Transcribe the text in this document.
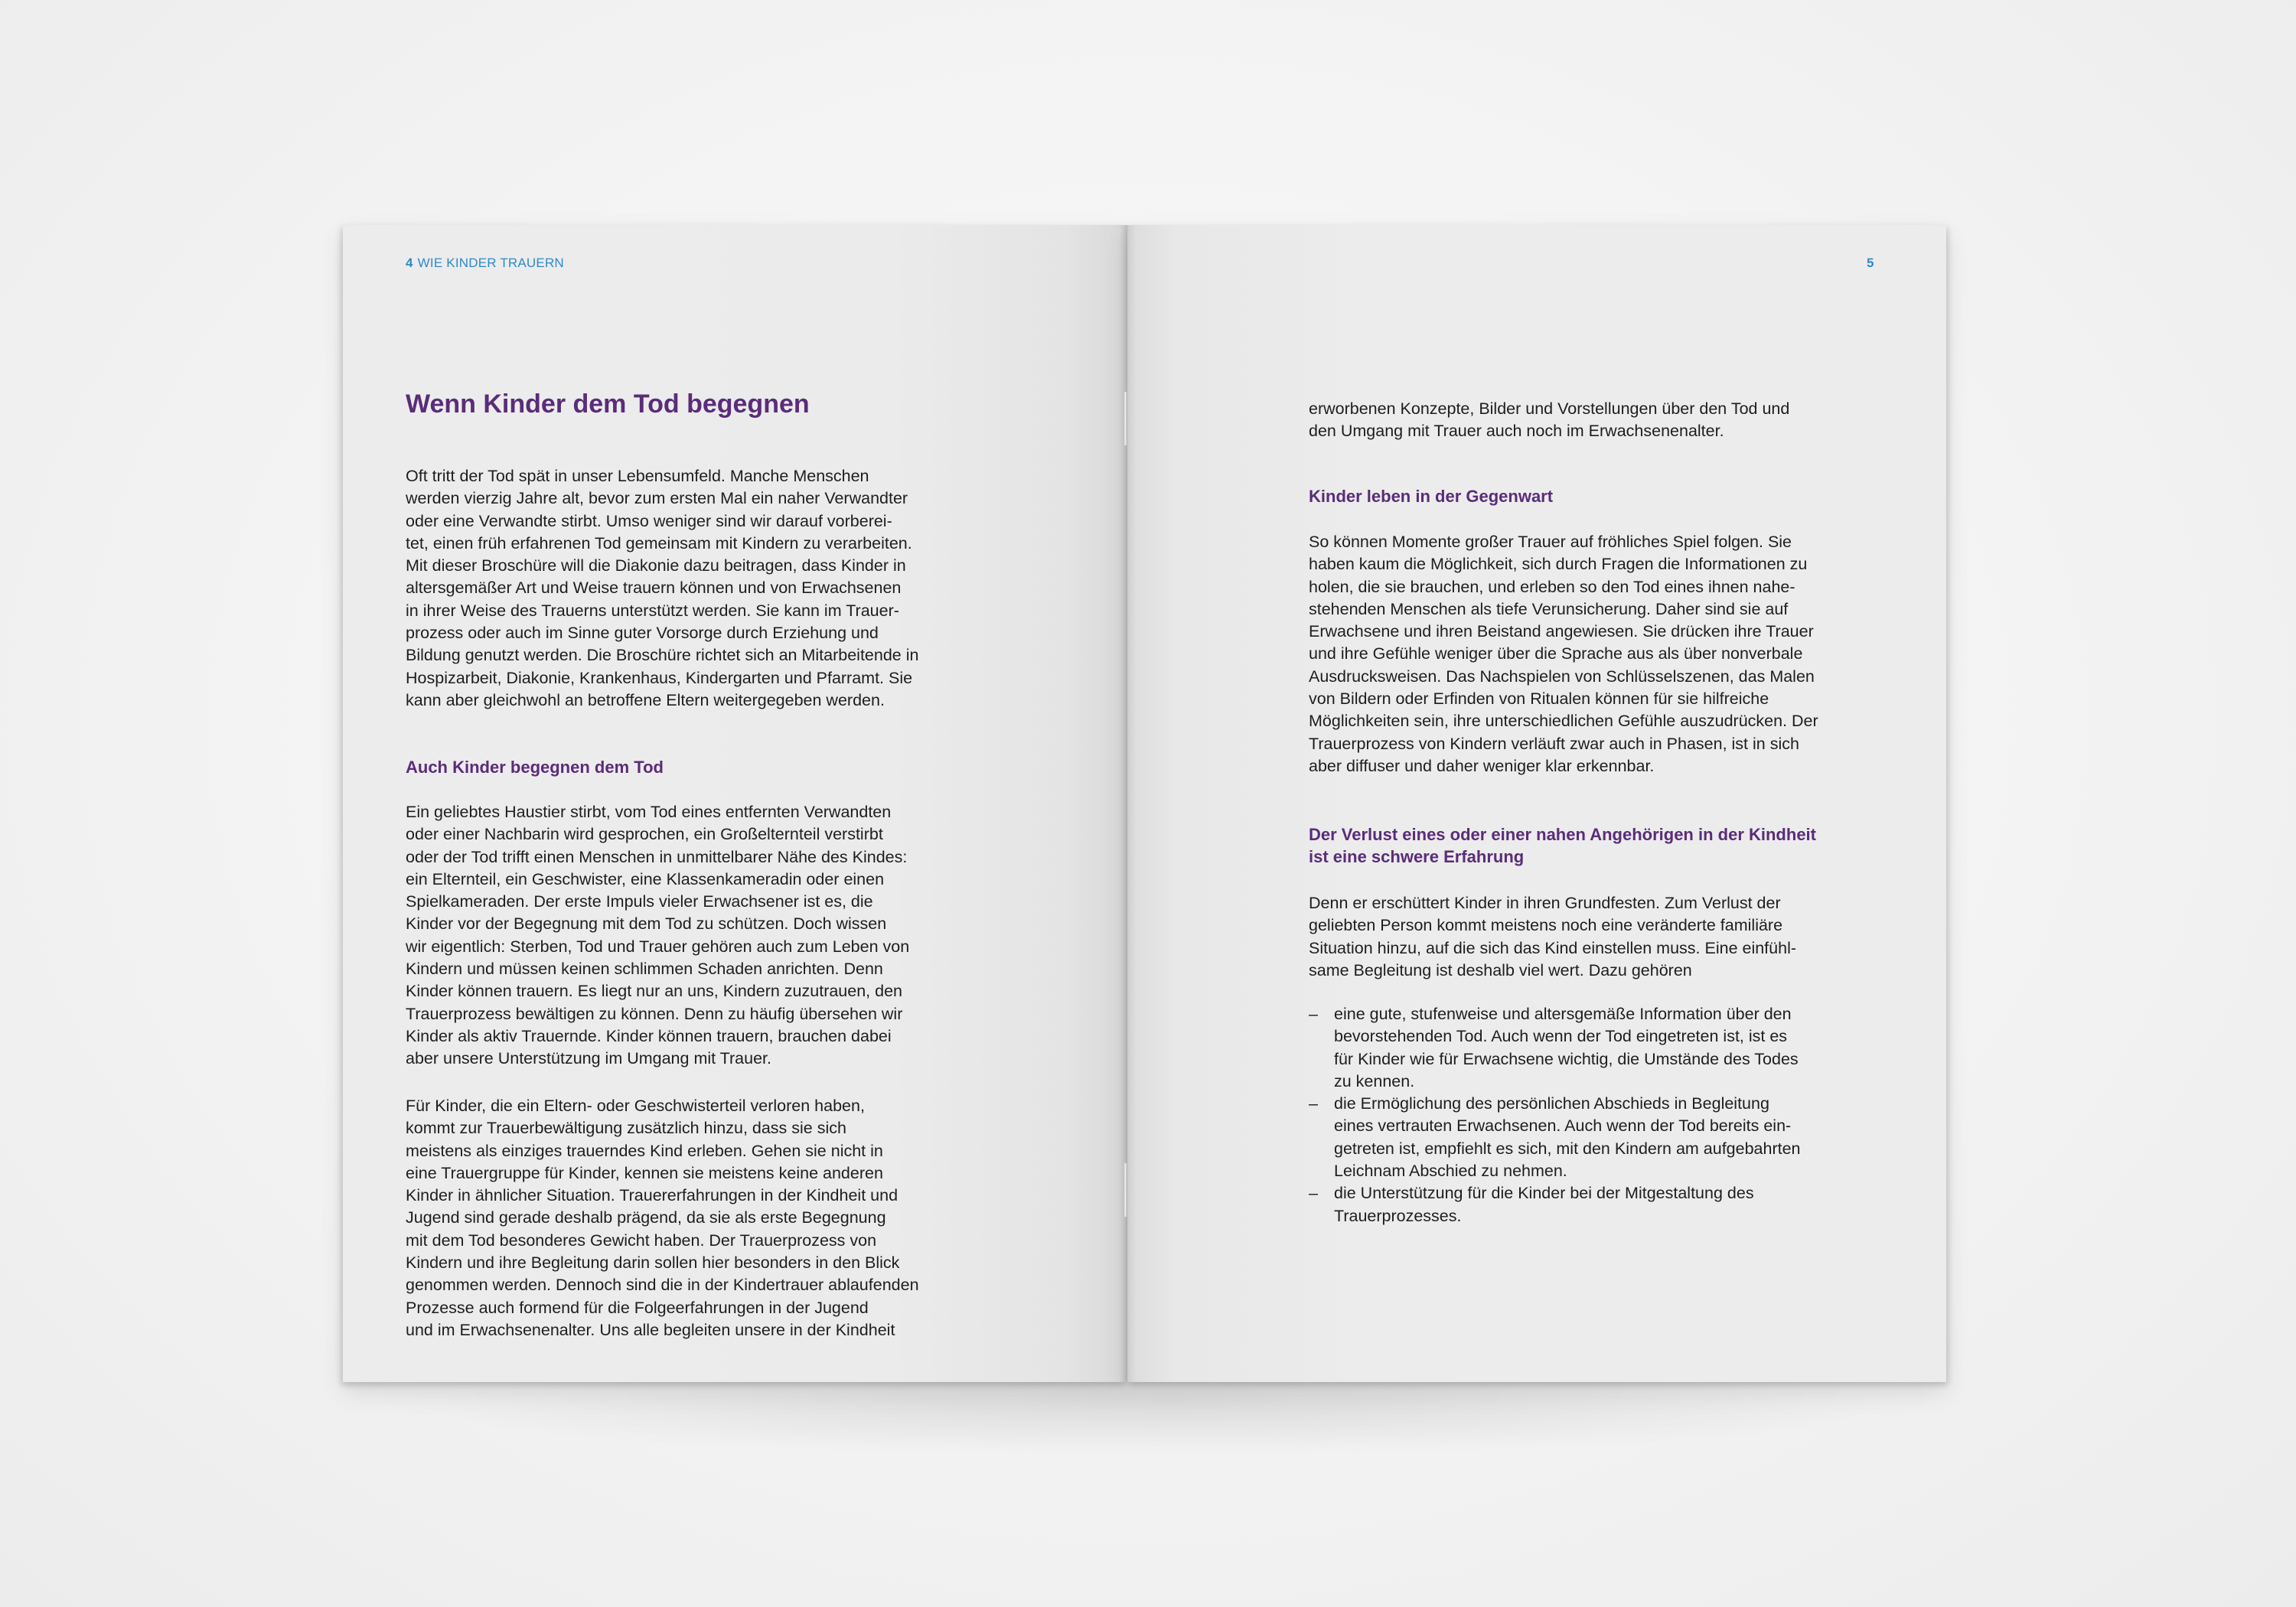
4 WIE KINDER TRAUERN
Wenn Kinder dem Tod begegnen

Oft tritt der Tod spät in unser Lebensumfeld. Manche Menschen
werden vierzig Jahre alt, bevor zum ersten Mal ein naher Verwandter
oder eine Verwandte stirbt. Umso weniger sind wir darauf vorberei-
tet, einen früh erfahrenen Tod gemeinsam mit Kindern zu verarbeiten.
Mit dieser Broschüre will die Diakonie dazu beitragen, dass Kinder in
altersgemäßer Art und Weise trauern können und von Erwachsenen
in ihrer Weise des Trauerns unterstützt werden. Sie kann im Trauer-
prozess oder auch im Sinne guter Vorsorge durch Erziehung und
Bildung genutzt werden. Die Broschüre richtet sich an Mitarbeitende in
Hospizarbeit, Diakonie, Krankenhaus, Kindergarten und Pfarramt. Sie
kann aber gleichwohl an betroffene Eltern weitergegeben werden.

Auch Kinder begegnen dem Tod

Ein geliebtes Haustier stirbt, vom Tod eines entfernten Verwandten
oder einer Nachbarin wird gesprochen, ein Großelternteil verstirbt
oder der Tod trifft einen Menschen in unmittelbarer Nähe des Kindes:
ein Elternteil, ein Geschwister, eine Klassenkameradin oder einen
Spielkameraden. Der erste Impuls vieler Erwachsener ist es, die
Kinder vor der Begegnung mit dem Tod zu schützen. Doch wissen
wir eigentlich: Sterben, Tod und Trauer gehören auch zum Leben von
Kindern und müssen keinen schlimmen Schaden anrichten. Denn
Kinder können trauern. Es liegt nur an uns, Kindern zuzutrauen, den
Trauerprozess bewältigen zu können. Denn zu häufig übersehen wir
Kinder als aktiv Trauernde. Kinder können trauern, brauchen dabei
aber unsere Unterstützung im Umgang mit Trauer.

Für Kinder, die ein Eltern- oder Geschwisterteil verloren haben,
kommt zur Trauerbewältigung zusätzlich hinzu, dass sie sich
meistens als einziges trauerndes Kind erleben. Gehen sie nicht in
eine Trauergruppe für Kinder, kennen sie meistens keine anderen
Kinder in ähnlicher Situation. Trauererfahrungen in der Kindheit und
Jugend sind gerade deshalb prägend, da sie als erste Begegnung
mit dem Tod besonderes Gewicht haben. Der Trauerprozess von
Kindern und ihre Begleitung darin sollen hier besonders in den Blick
genommen werden. Dennoch sind die in der Kindertrauer ablaufenden
Prozesse auch formend für die Folgeerfahrungen in der Jugend
und im Erwachsenenalter. Uns alle begleiten unsere in der Kindheit

5

erworbenen Konzepte, Bilder und Vorstellungen über den Tod und
den Umgang mit Trauer auch noch im Erwachsenenalter.

Kinder leben in der Gegenwart

So können Momente großer Trauer auf fröhliches Spiel folgen. Sie
haben kaum die Möglichkeit, sich durch Fragen die Informationen zu
holen, die sie brauchen, und erleben so den Tod eines ihnen nahe-
stehenden Menschen als tiefe Verunsicherung. Daher sind sie auf
Erwachsene und ihren Beistand angewiesen. Sie drücken ihre Trauer
und ihre Gefühle weniger über die Sprache aus als über nonverbale
Ausdrucksweisen. Das Nachspielen von Schlüsselszenen, das Malen
von Bildern oder Erfinden von Ritualen können für sie hilfreiche
Möglichkeiten sein, ihre unterschiedlichen Gefühle auszudrücken. Der
Trauerprozess von Kindern verläuft zwar auch in Phasen, ist in sich
aber diffuser und daher weniger klar erkennbar.

Der Verlust eines oder einer nahen Angehörigen in der Kindheit
ist eine schwere Erfahrung

Denn er erschüttert Kinder in ihren Grundfesten. Zum Verlust der
geliebten Person kommt meistens noch eine veränderte familiäre
Situation hinzu, auf die sich das Kind einstellen muss. Eine einfühl-
same Begleitung ist deshalb viel wert. Dazu gehören

– eine gute, stufenweise und altersgemäße Information über den
bevorstehenden Tod. Auch wenn der Tod eingetreten ist, ist es
für Kinder wie für Erwachsene wichtig, die Umstände des Todes
zu kennen.
– die Ermöglichung des persönlichen Abschieds in Begleitung
eines vertrauten Erwachsenen. Auch wenn der Tod bereits ein-
getreten ist, empfiehlt es sich, mit den Kindern am aufgebahrten
Leichnam Abschied zu nehmen.
– die Unterstützung für die Kinder bei der Mitgestaltung des
Trauerprozesses.
